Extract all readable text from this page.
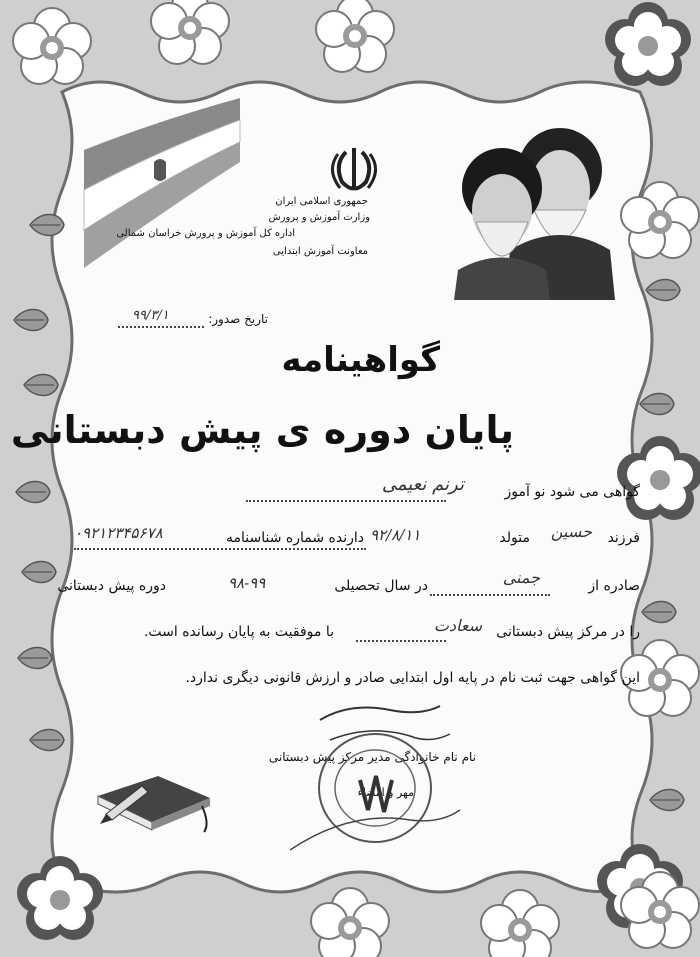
جمهوری اسلامی ایران
وزارت آموزش و پرورش
اداره کل آموزش و پرورش خراسان شمالی
معاونت آموزش ابتدایی
تاریخ صدور:
۹۹/۳/۱
گواهینامه
پایان دوره ی پیش دبستانی
گواهی می شود نو آموز
ترنم نعیمی
فرزند
حسین
متولد
۹۲/۸/۱۱
دارنده شماره شناسنامه
۰۹۲۱۲۳۴۵۶۷۸
صادره از
جمنی
در سال تحصیلی
۹۸-۹۹
دوره پیش دبستانی
را در مرکز پیش دبستانی
سعادت
با موفقیت به پایان رسانده است.
این گواهی جهت ثبت نام در پایه اول ابتدایی صادر و ارزش قانونی دیگری ندارد.
نام نام خانوادگی مدیر مرکز پیش دبستانی
مهر و امضاء
